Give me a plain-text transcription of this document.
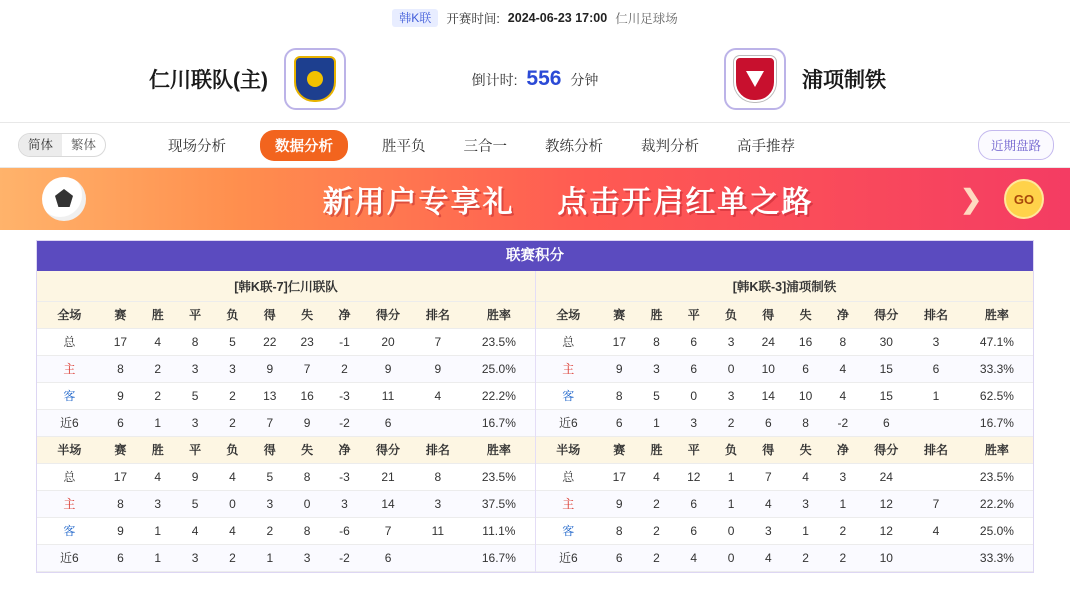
韩K联	开赛时间: 2024-06-23 17:00 仁川足球场
仁川联队(主)	倒计时: 556 分钟	浦项制铁
简体	繁体	现场分析	数据分析	胜平负	三合一	教练分析	裁判分析	高手推荐	近期盘路
新用户专享礼 点击开启红单之路	❯	GO
联赛积分
[韩K联-7]仁川联队										
全场	赛	胜	平	负	得	失	净	得分	排名	胜率
总	17	4	8	5	22	23	-1	20	7	23.5%
主	8	2	3	3	9	7	2	9	9	25.0%
客	9	2	5	2	13	16	-3	11	4	22.2%
近6	6	1	3	2	7	9	-2	6		16.7%
半场	赛	胜	平	负	得	失	净	得分	排名	胜率
总	17	4	9	4	5	8	-3	21	8	23.5%
主	8	3	5	0	3	0	3	14	3	37.5%
客	9	1	4	4	2	8	-6	7	11	11.1%
近6	6	1	3	2	1	3	-2	6		16.7%
[韩K联-3]浦项制铁										
全场	赛	胜	平	负	得	失	净	得分	排名	胜率
总	17	8	6	3	24	16	8	30	3	47.1%
主	9	3	6	0	10	6	4	15	6	33.3%
客	8	5	0	3	14	10	4	15	1	62.5%
近6	6	1	3	2	6	8	-2	6		16.7%
半场	赛	胜	平	负	得	失	净	得分	排名	胜率
总	17	4	12	1	7	4	3	24		23.5%
主	9	2	6	1	4	3	1	12	7	22.2%
客	8	2	6	0	3	1	2	12	4	25.0%
近6	6	2	4	0	4	2	2	10		33.3%
